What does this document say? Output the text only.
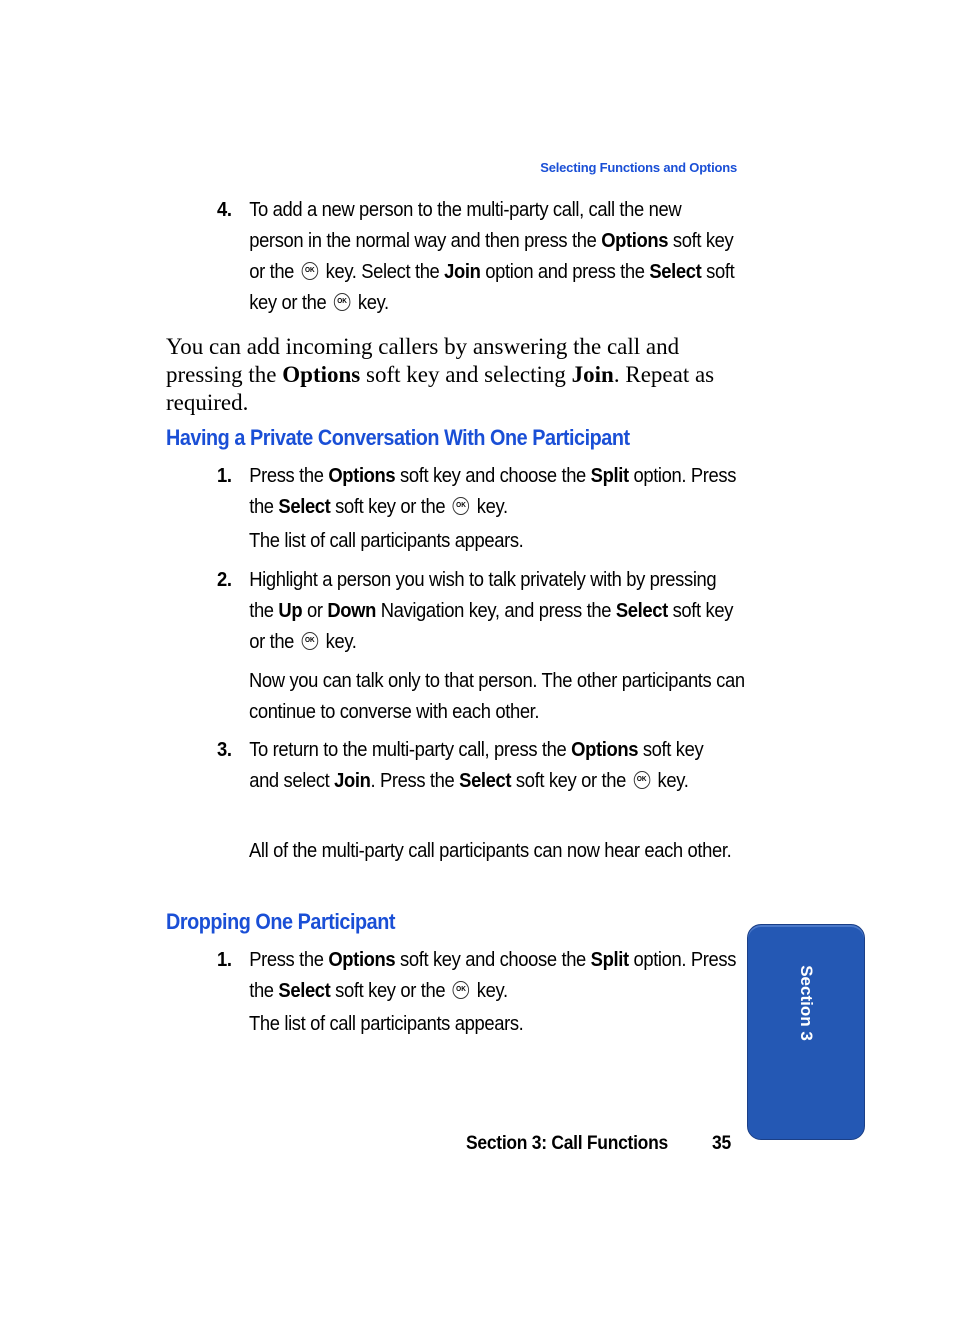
Selecting Functions and Options
4. To add a new person to the multi-party call, call the new person in the normal way and then press the Options soft key or the OK key. Select the Join option and press the Select soft key or the OK key.
You can add incoming callers by answering the call and pressing the Options soft key and selecting Join. Repeat as required.
Having a Private Conversation With One Participant
1. Press the Options soft key and choose the Split option. Press the Select soft key or the OK key.
The list of call participants appears.
2. Highlight a person you wish to talk privately with by pressing the Up or Down Navigation key, and press the Select soft key or the OK key.
Now you can talk only to that person. The other participants can continue to converse with each other.
3. To return to the multi-party call, press the Options soft key and select Join. Press the Select soft key or the OK key.
All of the multi-party call participants can now hear each other.
Dropping One Participant
1. Press the Options soft key and choose the Split option. Press the Select soft key or the OK key.
The list of call participants appears.	Section 3
Section 3: Call Functions 35
